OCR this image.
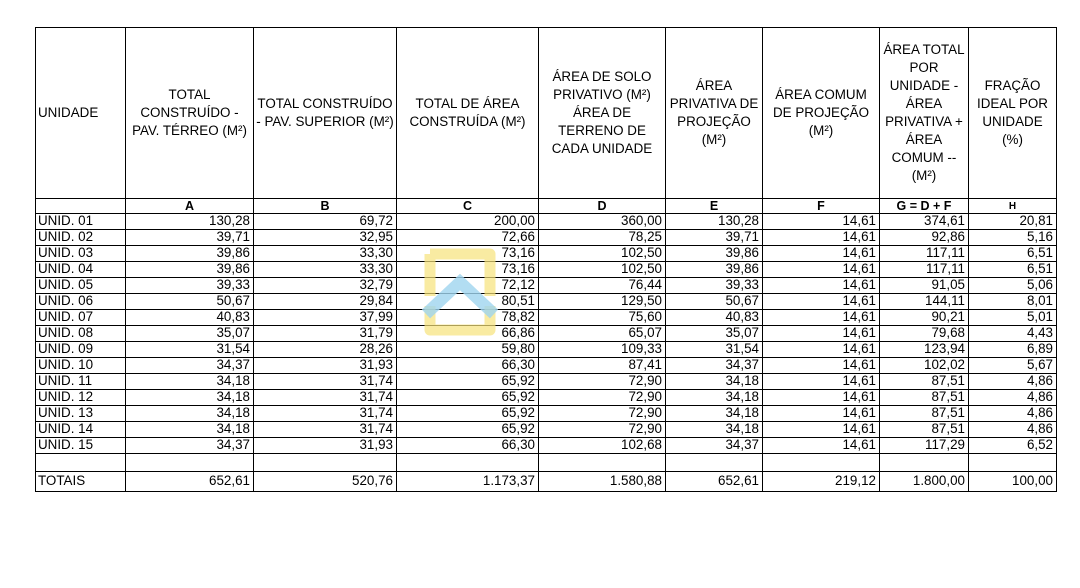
UNIDADE	TOTAL CONSTRUÍDO - PAV. TÉRREO (M²)	TOTAL CONSTRUÍDO - PAV. SUPERIOR (M²)	TOTAL DE ÁREA CONSTRUÍDA (M²)	ÁREA DE SOLO PRIVATIVO (M²) ÁREA DE TERRENO DE CADA UNIDADE	ÁREA PRIVATIVA DE PROJEÇÃO (M²)	ÁREA COMUM DE PROJEÇÃO (M²)	ÁREA TOTAL POR UNIDADE - ÁREA PRIVATIVA + ÁREA COMUM -- (M²)	FRAÇÃO IDEAL POR UNIDADE (%)
	A	B	C	D	E	F	G = D + F	H
UNID. 01	130,28	69,72	200,00	360,00	130,28	14,61	374,61	20,81
UNID. 02	39,71	32,95	72,66	78,25	39,71	14,61	92,86	5,16
UNID. 03	39,86	33,30	73,16	102,50	39,86	14,61	117,11	6,51
UNID. 04	39,86	33,30	73,16	102,50	39,86	14,61	117,11	6,51
UNID. 05	39,33	32,79	72,12	76,44	39,33	14,61	91,05	5,06
UNID. 06	50,67	29,84	80,51	129,50	50,67	14,61	144,11	8,01
UNID. 07	40,83	37,99	78,82	75,60	40,83	14,61	90,21	5,01
UNID. 08	35,07	31,79	66,86	65,07	35,07	14,61	79,68	4,43
UNID. 09	31,54	28,26	59,80	109,33	31,54	14,61	123,94	6,89
UNID. 10	34,37	31,93	66,30	87,41	34,37	14,61	102,02	5,67
UNID. 11	34,18	31,74	65,92	72,90	34,18	14,61	87,51	4,86
UNID. 12	34,18	31,74	65,92	72,90	34,18	14,61	87,51	4,86
UNID. 13	34,18	31,74	65,92	72,90	34,18	14,61	87,51	4,86
UNID. 14	34,18	31,74	65,92	72,90	34,18	14,61	87,51	4,86
UNID. 15	34,37	31,93	66,30	102,68	34,37	14,61	117,29	6,52

TOTAIS	652,61	520,76	1.173,37	1.580,88	652,61	219,12	1.800,00	100,00
